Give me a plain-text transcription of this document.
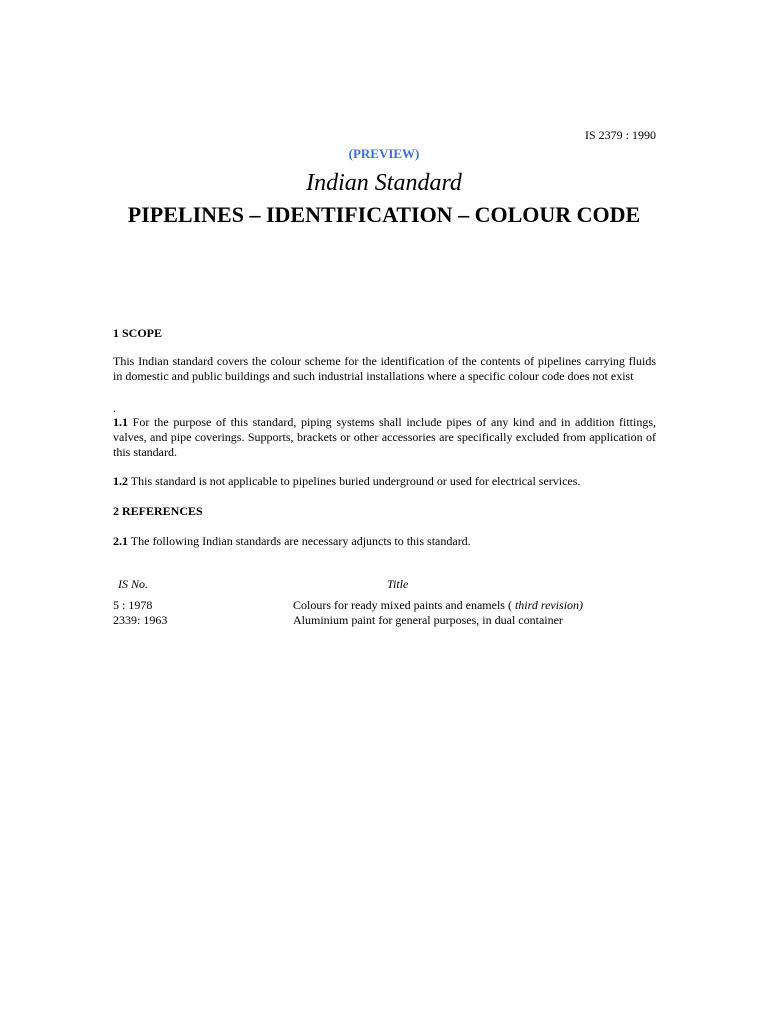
IS 2379 : 1990
(PREVIEW)
Indian Standard
PIPELINES – IDENTIFICATION – COLOUR CODE
1 SCOPE
This Indian standard covers the colour scheme for the identification of the contents of pipelines carrying fluids in domestic and public buildings and such industrial installations where a specific colour code does not exist
.
1.1 For the purpose of this standard, piping systems shall include pipes of any kind and in addition fittings, valves, and pipe coverings. Supports, brackets or other accessories are specifically excluded from application of this standard.
1.2 This standard is not applicable to pipelines buried underground or used for electrical services.
2 REFERENCES
2.1 The following Indian standards are necessary adjuncts to this standard.
IS No.	Title
5 : 1978	Colours for ready mixed paints and enamels ( third revision)
2339: 1963	Aluminium paint for general purposes, in dual container
